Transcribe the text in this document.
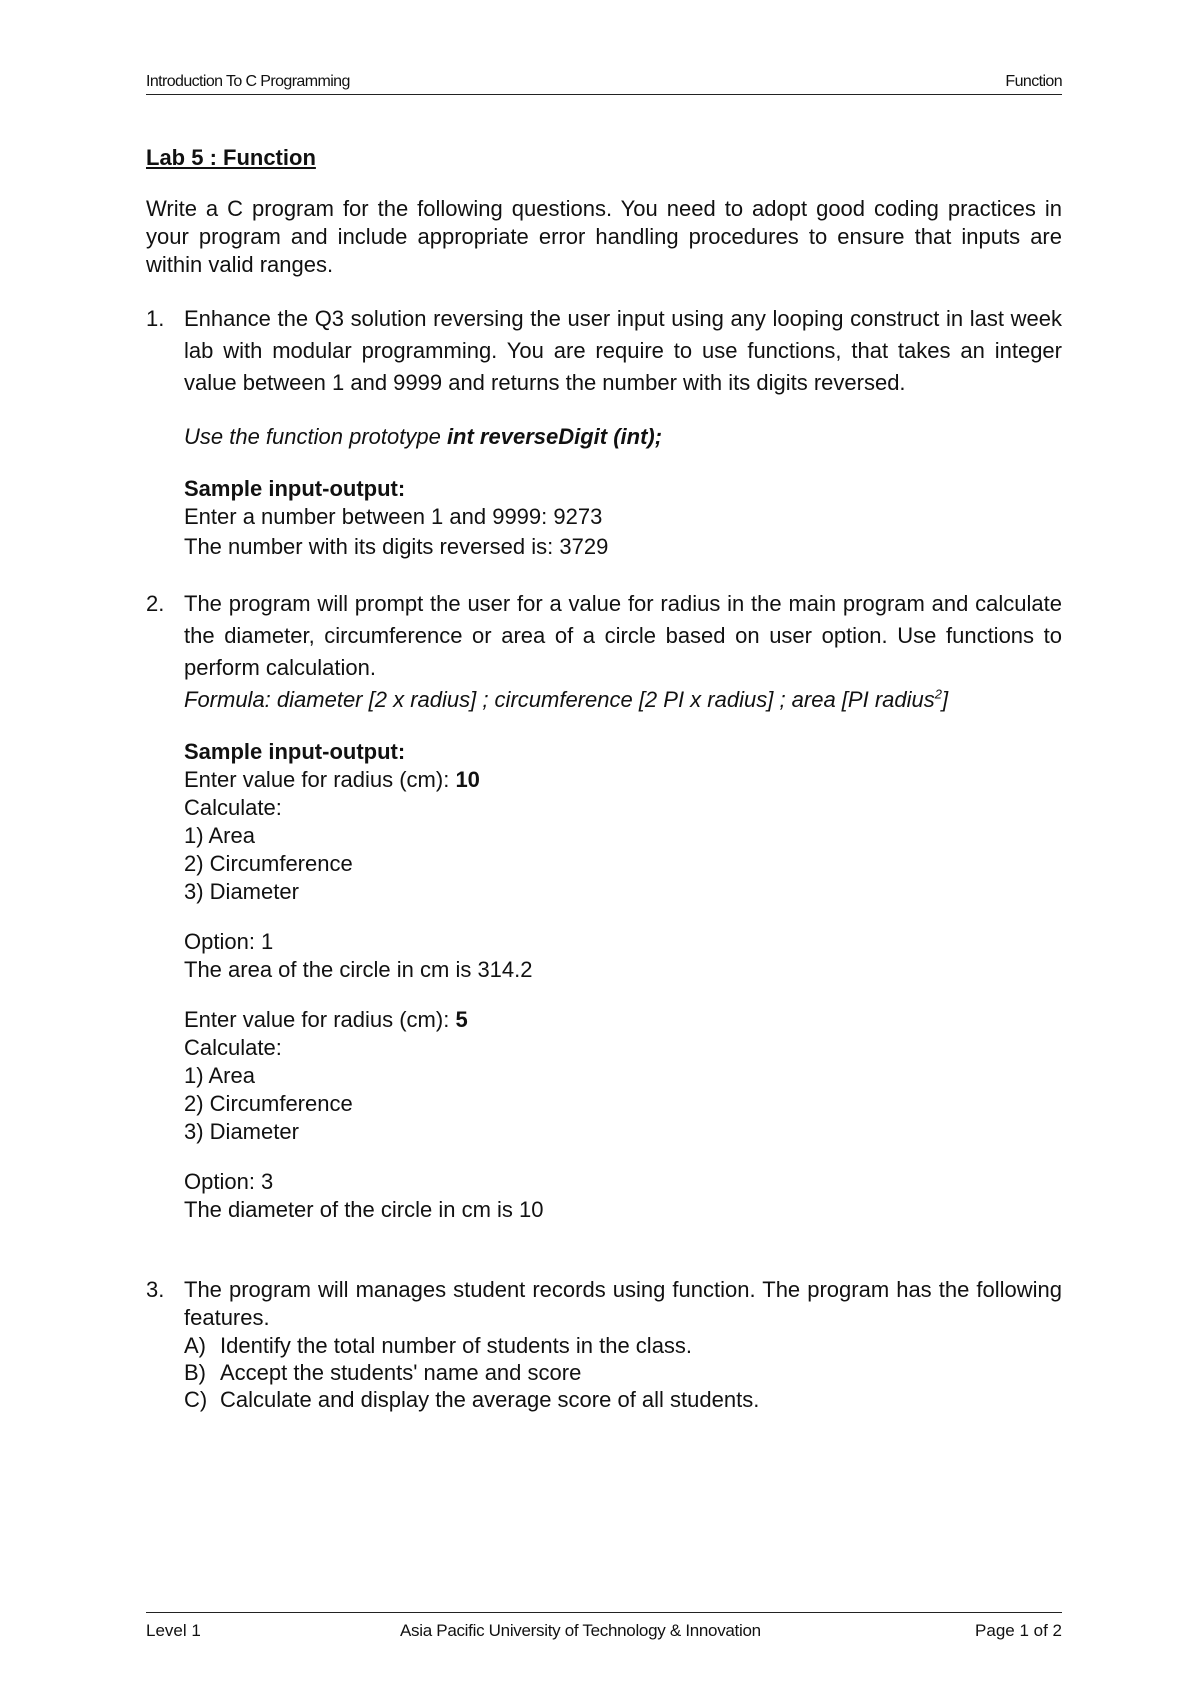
Introduction To C Programming	Function
Lab 5 : Function

Write a C program for the following questions. You need to adopt good coding practices in your program and include appropriate error handling procedures to ensure that inputs are within valid ranges.

1. Enhance the Q3 solution reversing the user input using any looping construct in last week lab with modular programming. You are require to use functions, that takes an integer value between 1 and 9999 and returns the number with its digits reversed.

Use the function prototype int reverseDigit (int);

Sample input-output:

Enter a number between 1 and 9999: 9273

The number with its digits reversed is: 3729

2. The program will prompt the user for a value for radius in the main program and calculate the diameter, circumference or area of a circle based on user option. Use functions to perform calculation.

Formula: diameter [2 x radius] ; circumference [2 PI x radius] ; area [PI radius$^2$]

Sample input-output:

Enter value for radius (cm): 10

Calculate:

1) Area

2) Circumference

3) Diameter

Option: 1

The area of the circle in cm is 314.2

Enter value for radius (cm): 5

Calculate:

1) Area

2) Circumference

3) Diameter

Option: 3

The diameter of the circle in cm is 10

3. The program will manages student records using function. The program has the following features.

A) Identify the total number of students in the class.
B) Accept the students' name and score
C) Calculate and display the average score of all students.
Level 1	Asia Pacific University of Technology & Innovation	Page 1 of 2
